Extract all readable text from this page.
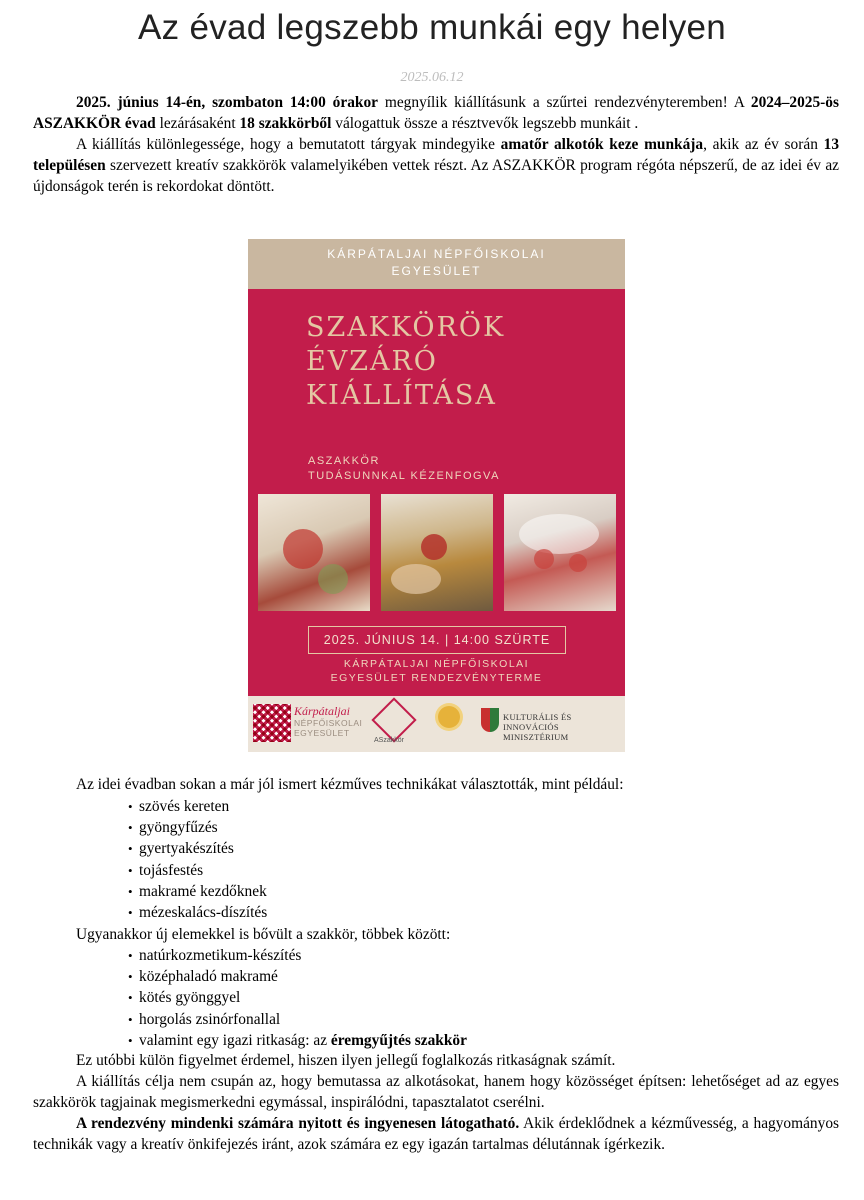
Az évad legszebb munkái egy helyen
2025.06.12

2025. június 14-én, szombaton 14:00 órakor megnyílik kiállításunk a szűrtei rendezvényteremben! A 2024–2025-ös ASZAKKÖR évad lezárásaként 18 szakkörből válogattuk össze a résztvevők legszebb munkáit .

A kiállítás különlegessége, hogy a bemutatott tárgyak mindegyike amatőr alkotók keze munkája, akik az év során 13 településen szervezett kreatív szakkörök valamelyikében vettek részt. Az ASZAKKÖR program régóta népszerű, de az idei év az újdonságok terén is rekordokat döntött.

KÁRPÁTALJAI NÉPFŐISKOLAI
EGYESÜLET
SZAKKÖRÖK
ÉVZÁRÓ
KIÁLLÍTÁSA
ASZAKKÖR
TUDÁSUNNKAL KÉZENFOGVA
2025. JÚNIUS 14. | 14:00 SZÜRTE
KÁRPÁTALJAI NÉPFŐISKOLAI
EGYESÜLET RENDEZVÉNYTERME
Kárpátaljai
NÉPFŐISKOLAI
EGYESÜLET
ASzakkör
KULTURÁLIS ÉS INNOVÁCIÓS
MINISZTÉRIUM
Az idei évadban sokan a már jól ismert kézműves technikákat választották, mint például:
• szövés kereten
• gyöngyfűzés
• gyertyakészítés
• tojásfestés
• makramé kezdőknek
• mézeskalács-díszítés
Ugyanakkor új elemekkel is bővült a szakkör, többek között:
• natúrkozmetikum-készítés
• középhaladó makramé
• kötés gyönggyel
• horgolás zsinórfonallal
• valamint egy igazi ritkaság: az éremgyűjtés szakkör

Ez utóbbi külön figyelmet érdemel, hiszen ilyen jellegű foglalkozás ritkaságnak számít.

A kiállítás célja nem csupán az, hogy bemutassa az alkotásokat, hanem hogy közösséget építsen: lehetőséget ad az egyes szakkörök tagjainak megismerkedni egymással, inspirálódni, tapasztalatot cserélni.

A rendezvény mindenki számára nyitott és ingyenesen látogatható. Akik érdeklődnek a kézművesség, a hagyományos technikák vagy a kreatív önkifejezés iránt, azok számára ez egy igazán tartalmas délutánnak ígérkezik.
